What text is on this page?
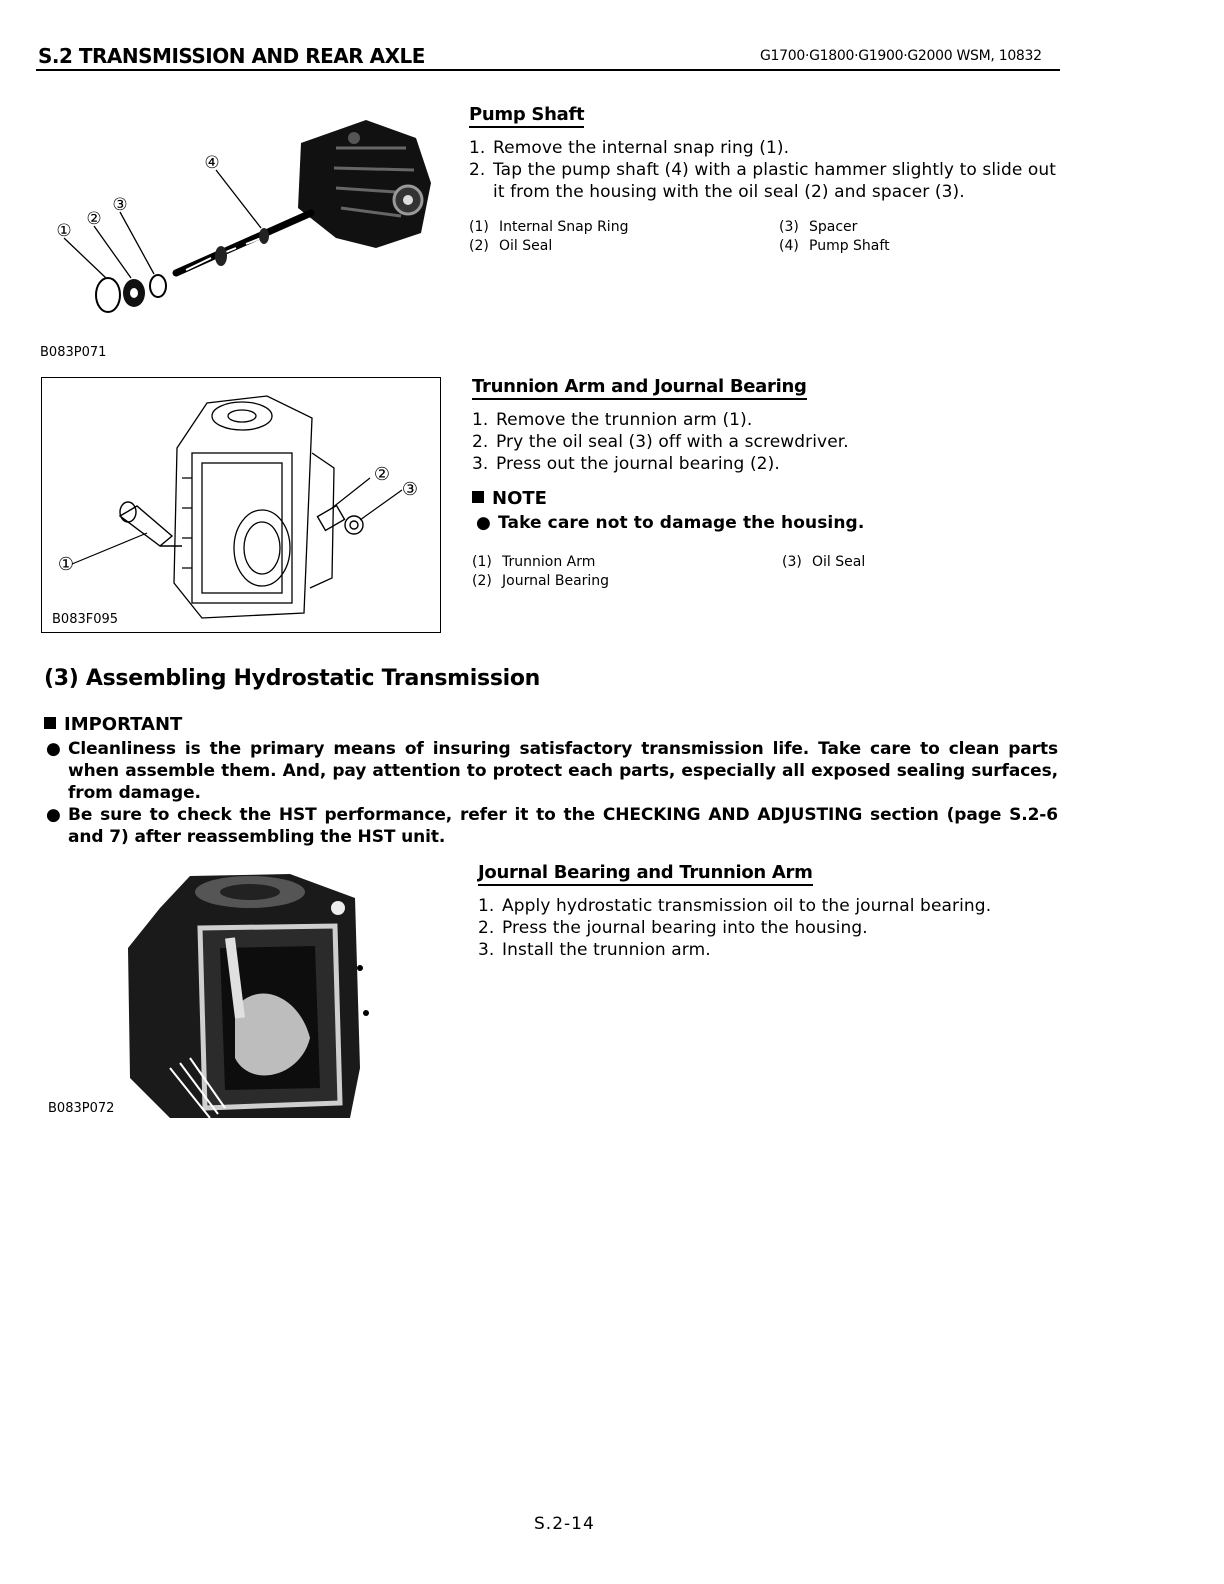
S.2 TRANSMISSION AND REAR AXLE	G1700·G1800·G1900·G2000 WSM, 10832
①
②
③
④
B083P071
Pump Shaft
1. Remove the internal snap ring (1).
2. Tap the pump shaft (4) with a plastic hammer slightly to slide out it from the housing with the oil seal (2) and spacer (3).
(1) Internal Snap Ring	(3) Spacer
(2) Oil Seal	(4) Pump Shaft
①
②
③
B083F095
Trunnion Arm and Journal Bearing
1. Remove the trunnion arm (1).
2. Pry the oil seal (3) off with a screwdriver.
3. Press out the journal bearing (2).
NOTE
● Take care not to damage the housing.
(1) Trunnion Arm	(3) Oil Seal
(2) Journal Bearing
(3) Assembling Hydrostatic Transmission
IMPORTANT
● Cleanliness is the primary means of insuring satisfactory transmission life. Take care to clean parts when assemble them. And, pay attention to protect each parts, especially all exposed sealing surfaces, from damage.
● Be sure to check the HST performance, refer it to the CHECKING AND ADJUSTING section (page S.2-6 and 7) after reassembling the HST unit.
B083P072
Journal Bearing and Trunnion Arm
1. Apply hydrostatic transmission oil to the journal bearing.
2. Press the journal bearing into the housing.
3. Install the trunnion arm.
S.2-14
